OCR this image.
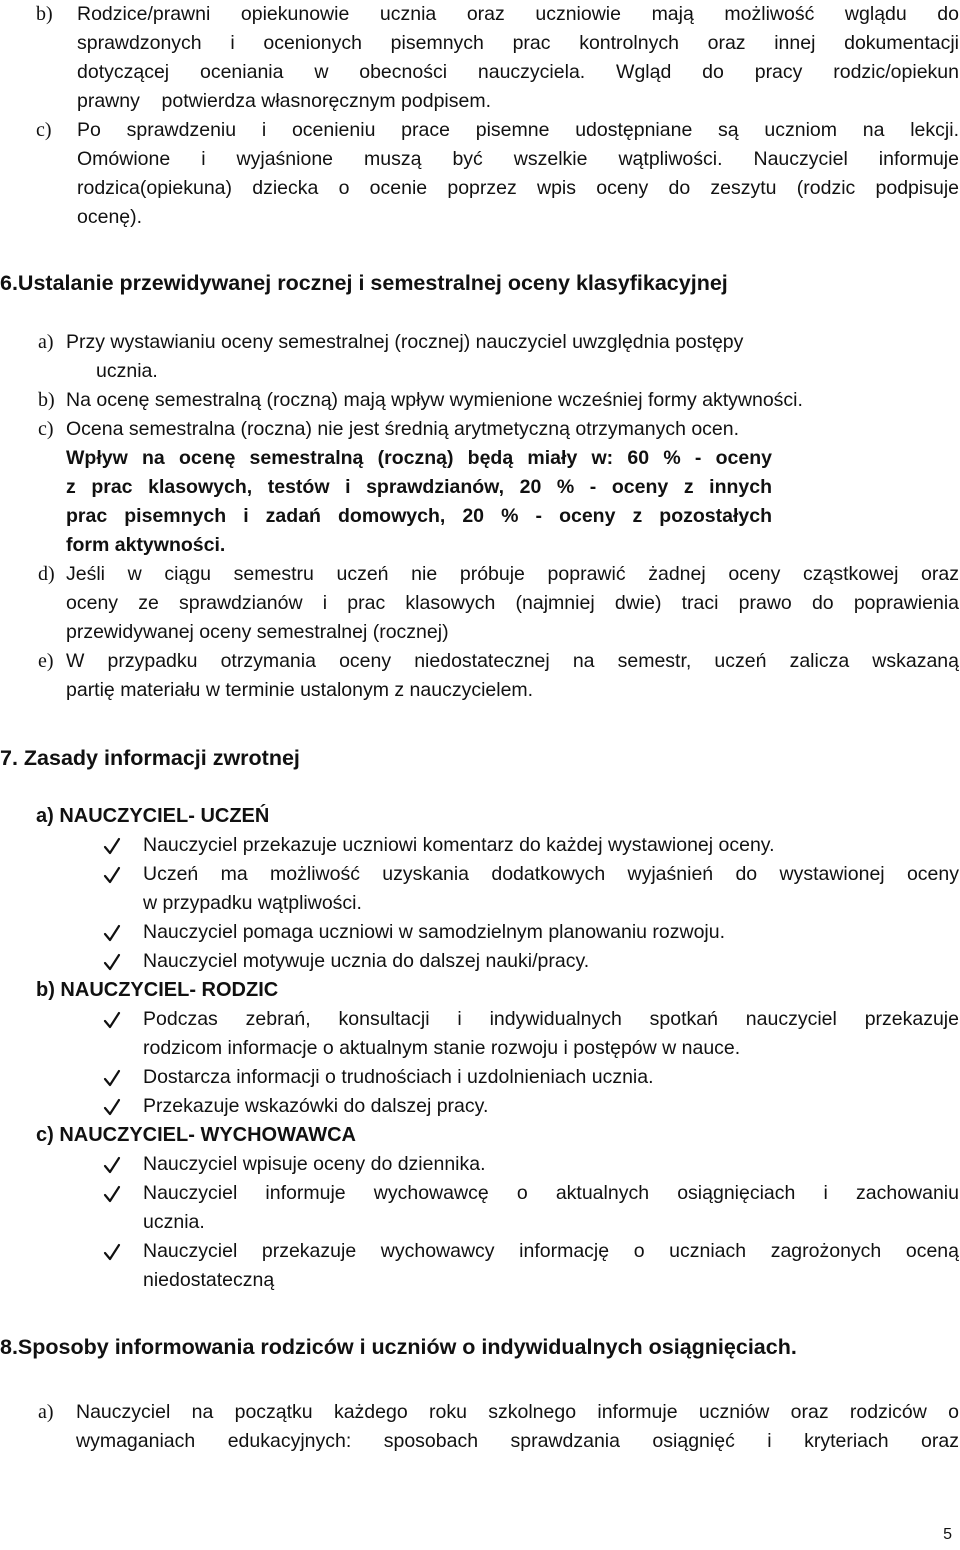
b) Rodzice/prawni opiekunowie ucznia oraz uczniowie mają możliwość wglądu do
sprawdzonych i ocenionych pisemnych prac kontrolnych oraz innej dokumentacji
dotyczącej oceniania w obecności nauczyciela. Wgląd do pracy rodzic/opiekun
prawny    potwierdza własnoręcznym podpisem.
c) Po sprawdzeniu i ocenieniu prace pisemne udostępniane są uczniom na lekcji.
Omówione i wyjaśnione muszą być wszelkie wątpliwości. Nauczyciel informuje
rodzica(opiekuna) dziecka o ocenie poprzez wpis oceny do zeszytu (rodzic podpisuje
ocenę).
6.Ustalanie przewidywanej rocznej i semestralnej oceny klasyfikacyjnej
a) Przy wystawianiu oceny semestralnej (rocznej) nauczyciel uwzględnia postępy
ucznia.
b) Na ocenę semestralną (roczną) mają wpływ wymienione wcześniej formy aktywności.
c) Ocena semestralna (roczna) nie jest średnią arytmetyczną otrzymanych ocen.
Wpływ na ocenę semestralną (roczną) będą miały w: 60 % - oceny
z prac klasowych, testów i sprawdzianów, 20 % - oceny z innych
prac pisemnych i zadań domowych, 20 % - oceny z pozostałych
form aktywności.
d) Jeśli w ciągu semestru uczeń nie próbuje poprawić żadnej oceny cząstkowej oraz
oceny ze sprawdzianów i prac klasowych (najmniej dwie) traci prawo do poprawienia
przewidywanej oceny semestralnej (rocznej)
e) W przypadku otrzymania oceny niedostatecznej na semestr, uczeń zalicza wskazaną
partię materiału w terminie ustalonym z nauczycielem.
7. Zasady informacji zwrotnej
a) NAUCZYCIEL- UCZEŃ
Nauczyciel przekazuje uczniowi komentarz do każdej wystawionej oceny.
Uczeń ma możliwość uzyskania dodatkowych wyjaśnień do wystawionej oceny
w przypadku wątpliwości.
Nauczyciel pomaga uczniowi w samodzielnym planowaniu rozwoju.
Nauczyciel motywuje ucznia do dalszej nauki/pracy.
b) NAUCZYCIEL- RODZIC
Podczas zebrań, konsultacji i indywidualnych spotkań nauczyciel przekazuje
rodzicom informacje o aktualnym stanie rozwoju i postępów w nauce.
Dostarcza informacji o trudnościach i uzdolnieniach ucznia.
Przekazuje wskazówki do dalszej pracy.
c) NAUCZYCIEL- WYCHOWAWCA
Nauczyciel wpisuje oceny do dziennika.
Nauczyciel informuje wychowawcę o aktualnych osiągnięciach i zachowaniu
ucznia.
Nauczyciel przekazuje wychowawcy informację o uczniach zagrożonych oceną
niedostateczną
8.Sposoby informowania rodziców i uczniów o indywidualnych osiągnięciach.
a) Nauczyciel na początku każdego roku szkolnego informuje uczniów oraz rodziców o
wymaganiach edukacyjnych: sposobach sprawdzania osiągnięć i kryteriach oraz
5
